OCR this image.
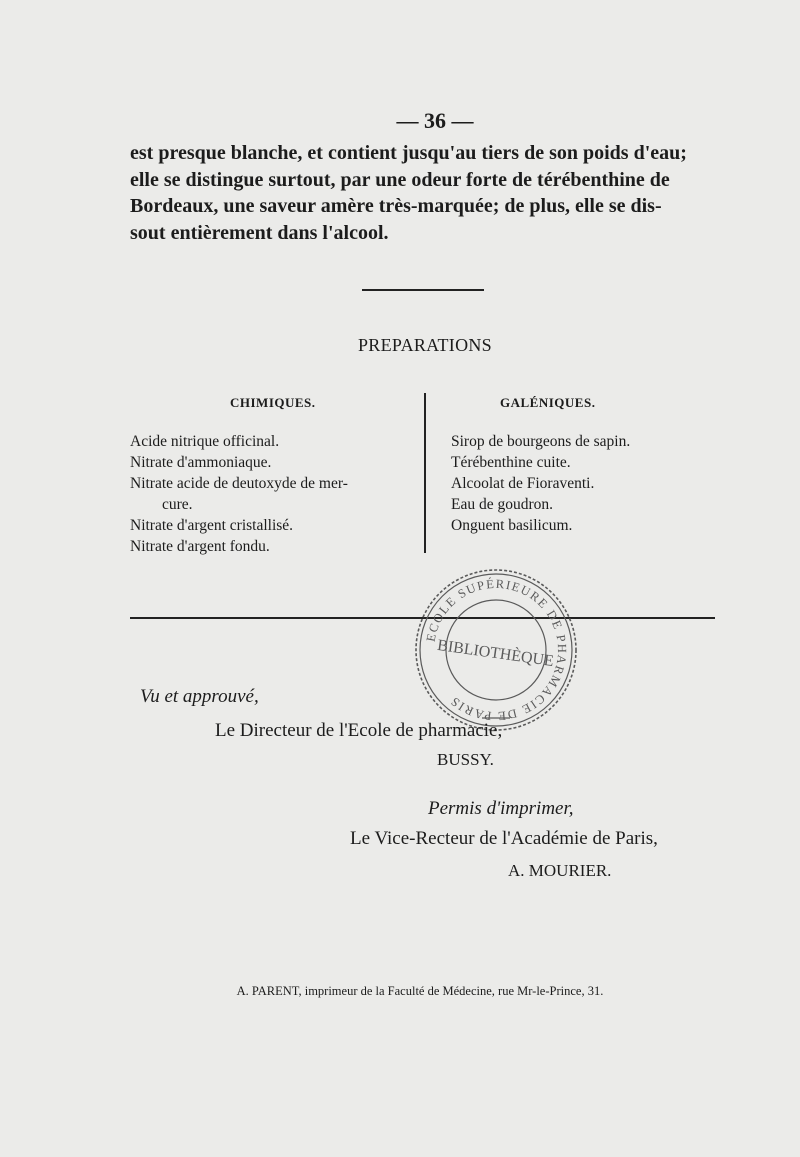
— 36 —
est presque blanche, et contient jusqu'au tiers de son poids d'eau;
elle se distingue surtout, par une odeur forte de térébenthine de
Bordeaux, une saveur amère très-marquée; de plus, elle se dis-
sout entièrement dans l'alcool.
PREPARATIONS
CHIMIQUES.	GALÉNIQUES.
Acide nitrique officinal.
Nitrate d'ammoniaque.
Nitrate acide de deutoxyde de mer-
cure.
Nitrate d'argent cristallisé.
Nitrate d'argent fondu.
Sirop de bourgeons de sapin.
Térébenthine cuite.
Alcoolat de Fioraventi.
Eau de goudron.
Onguent basilicum.
ECOLE SUPÉRIEURE DE PHARMACIE DE PARIS
BIBLIOTHÈQUE
Vu et approuvé,
Le Directeur de l'Ecole de pharmacie,
BUSSY.
Permis d'imprimer,
Le Vice-Recteur de l'Académie de Paris,
A. MOURIER.
A. PARENT, imprimeur de la Faculté de Médecine, rue Mr-le-Prince, 31.
